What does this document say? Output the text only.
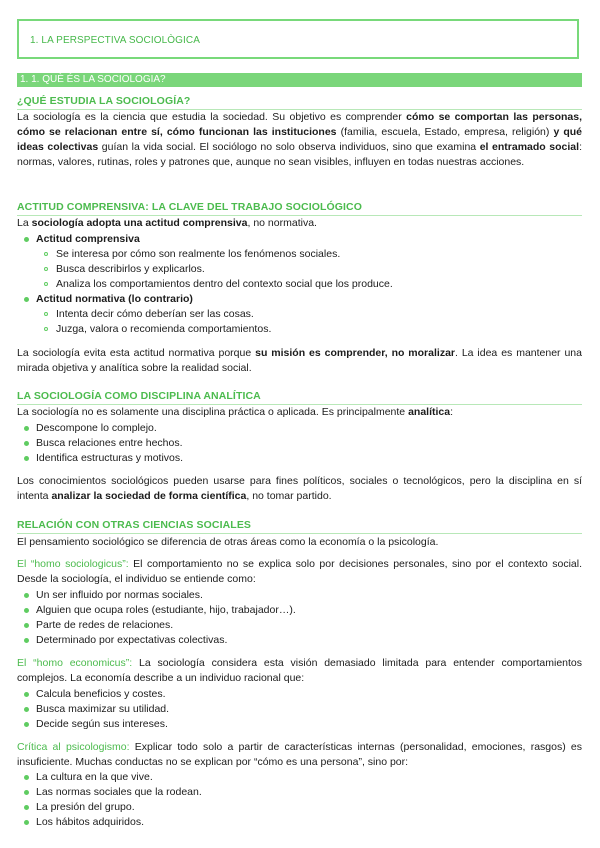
1. LA PERSPECTIVA SOCIOLÒGICA
1. 1. QUÈ ÉS LA SOCIOLOGIA?
¿QUÉ ESTUDIA LA SOCIOLOGÍA?
La sociología es la ciencia que estudia la sociedad. Su objetivo es comprender cómo se comportan las personas, cómo se relacionan entre sí, cómo funcionan las instituciones (familia, escuela, Estado, empresa, religión) y qué ideas colectivas guían la vida social. El sociólogo no solo observa individuos, sino que examina el entramado social: normas, valores, rutinas, roles y patrones que, aunque no sean visibles, influyen en todas nuestras acciones.
ACTITUD COMPRENSIVA: LA CLAVE DEL TRABAJO SOCIOLÓGICO
La sociología adopta una actitud comprensiva, no normativa.
Actitud comprensiva
Se interesa por cómo son realmente los fenómenos sociales.
Busca describirlos y explicarlos.
Analiza los comportamientos dentro del contexto social que los produce.
Actitud normativa (lo contrario)
Intenta decir cómo deberían ser las cosas.
Juzga, valora o recomienda comportamientos.
La sociología evita esta actitud normativa porque su misión es comprender, no moralizar. La idea es mantener una mirada objetiva y analítica sobre la realidad social.
LA SOCIOLOGÍA COMO DISCIPLINA ANALÍTICA
La sociología no es solamente una disciplina práctica o aplicada. Es principalmente analítica:
Descompone lo complejo.
Busca relaciones entre hechos.
Identifica estructuras y motivos.
Los conocimientos sociológicos pueden usarse para fines políticos, sociales o tecnológicos, pero la disciplina en sí intenta analizar la sociedad de forma científica, no tomar partido.
RELACIÓN CON OTRAS CIENCIAS SOCIALES
El pensamiento sociológico se diferencia de otras áreas como la economía o la psicología.
El “homo sociologicus”: El comportamiento no se explica solo por decisiones personales, sino por el contexto social. Desde la sociología, el individuo se entiende como:
Un ser influido por normas sociales.
Alguien que ocupa roles (estudiante, hijo, trabajador…).
Parte de redes de relaciones.
Determinado por expectativas colectivas.
El “homo economicus”: La sociología considera esta visión demasiado limitada para entender comportamientos complejos. La economía describe a un individuo racional que:
Calcula beneficios y costes.
Busca maximizar su utilidad.
Decide según sus intereses.
Crítica al psicologismo: Explicar todo solo a partir de características internas (personalidad, emociones, rasgos) es insuficiente. Muchas conductas no se explican por “cómo es una persona”, sino por:
La cultura en la que vive.
Las normas sociales que la rodean.
La presión del grupo.
Los hábitos adquiridos.
